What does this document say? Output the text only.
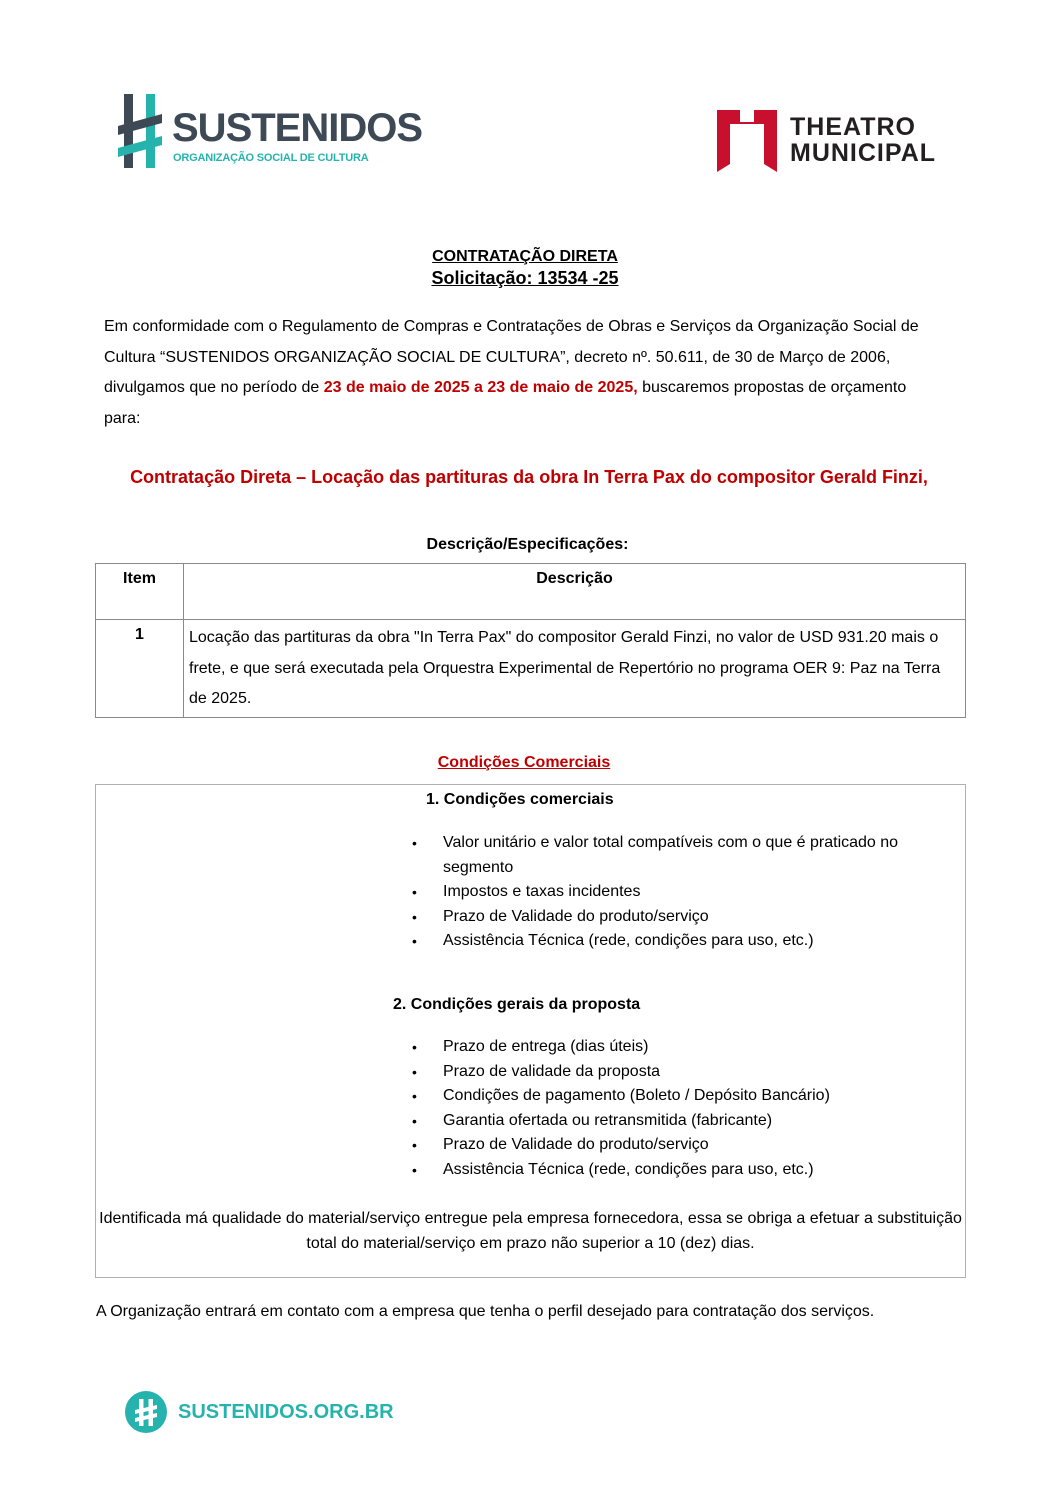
SUSTENIDOS
ORGANIZAÇÃO SOCIAL DE CULTURA
THEATRO
MUNICIPAL
CONTRATAÇÃO DIRETA
Solicitação: 13534 -25
Em conformidade com o Regulamento de Compras e Contratações de Obras e Serviços da Organização Social de Cultura “SUSTENIDOS ORGANIZAÇÃO SOCIAL DE CULTURA”, decreto nº. 50.611, de 30 de Março de 2006, divulgamos que no período de 23 de maio de 2025 a 23 de maio de 2025, buscaremos propostas de orçamento para:
Contratação Direta – Locação das partituras da obra In Terra Pax do compositor Gerald Finzi,
Descrição/Especificações:
Item	Descrição
1	Locação das partituras da obra "In Terra Pax" do compositor Gerald Finzi, no valor de USD 931.20 mais o frete, e que será executada pela Orquestra Experimental de Repertório no programa OER 9: Paz na Terra de 2025.
Condições Comerciais
1. Condições comerciais
• Valor unitário e valor total compatíveis com o que é praticado no segmento
• Impostos e taxas incidentes
• Prazo de Validade do produto/serviço
• Assistência Técnica (rede, condições para uso, etc.)
2. Condições gerais da proposta
• Prazo de entrega (dias úteis)
• Prazo de validade da proposta
• Condições de pagamento (Boleto / Depósito Bancário)
• Garantia ofertada ou retransmitida (fabricante)
• Prazo de Validade do produto/serviço
• Assistência Técnica (rede, condições para uso, etc.)
Identificada má qualidade do material/serviço entregue pela empresa fornecedora, essa se obriga a efetuar a substituição total do material/serviço em prazo não superior a 10 (dez) dias.
A Organização entrará em contato com a empresa que tenha o perfil desejado para contratação dos serviços.
SUSTENIDOS.ORG.BR
